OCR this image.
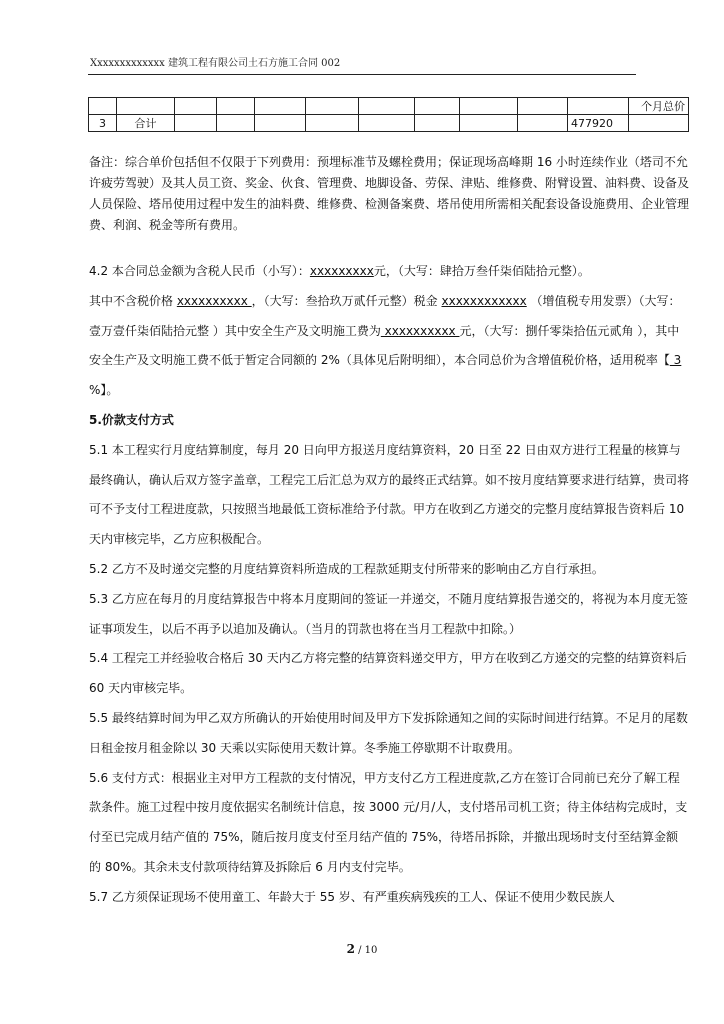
Xxxxxxxxxxxxx 建筑工程有限公司土石方施工合同 002
											个月总价
3	合计									477920	

备注：综合单价包括但不仅限于下列费用：预埋标准节及螺栓费用；保证现场高峰期 16 小时连续作业（塔司不允许疲劳驾驶）及其人员工资、奖金、伙食、管理费、地脚设备、劳保、津贴、维修费、附臂设置、油料费、设备及人员保险、塔吊使用过程中发生的油料费、维修费、检测备案费、塔吊使用所需相关配套设备设施费用、企业管理费、利润、税金等所有费用。

4.2 本合同总金额为含税人民币（小写）：xxxxxxxxx元，（大写：肆拾万叁仟柒佰陆拾元整）。
其中不含税价格 xxxxxxxxxx ，（大写：叁拾玖万贰仟元整）税金 xxxxxxxxxxxx （增值税专用发票）（大写：壹万壹仟柒佰陆拾元整 ）其中安全生产及文明施工费为 xxxxxxxxxx 元，（大写：捌仟零柒拾伍元贰角 ），其中安全生产及文明施工费不低于暂定合同额的 2%（具体见后附明细），本合同总价为含增值税价格，适用税率【 3 %】。

5.价款支付方式

5.1 本工程实行月度结算制度，每月 20 日向甲方报送月度结算资料，20 日至 22 日由双方进行工程量的核算与最终确认，确认后双方签字盖章，工程完工后汇总为双方的最终正式结算。如不按月度结算要求进行结算，贵司将可不予支付工程进度款，只按照当地最低工资标准给予付款。甲方在收到乙方递交的完整月度结算报告资料后 10 天内审核完毕，乙方应积极配合。

5.2 乙方不及时递交完整的月度结算资料所造成的工程款延期支付所带来的影响由乙方自行承担。

5.3 乙方应在每月的月度结算报告中将本月度期间的签证一并递交，不随月度结算报告递交的，将视为本月度无签证事项发生，以后不再予以追加及确认。（当月的罚款也将在当月工程款中扣除。）

5.4 工程完工并经验收合格后 30 天内乙方将完整的结算资料递交甲方，甲方在收到乙方递交的完整的结算资料后 60 天内审核完毕。

5.5 最终结算时间为甲乙双方所确认的开始使用时间及甲方下发拆除通知之间的实际时间进行结算。不足月的尾数日租金按月租金除以 30 天乘以实际使用天数计算。冬季施工停歇期不计取费用。

5.6 支付方式：根据业主对甲方工程款的支付情况，甲方支付乙方工程进度款,乙方在签订合同前已充分了解工程款条件。施工过程中按月度依据实名制统计信息，按 3000 元/月/人，支付塔吊司机工资；待主体结构完成时，支付至已完成月结产值的 75%，随后按月度支付至月结产值的 75%，待塔吊拆除，并撤出现场时支付至结算金额的 80%。其余未支付款项待结算及拆除后 6 月内支付完毕。

5.7 乙方须保证现场不使用童工、年龄大于 55 岁、有严重疾病残疾的工人、保证不使用少数民族人

2 / 10
